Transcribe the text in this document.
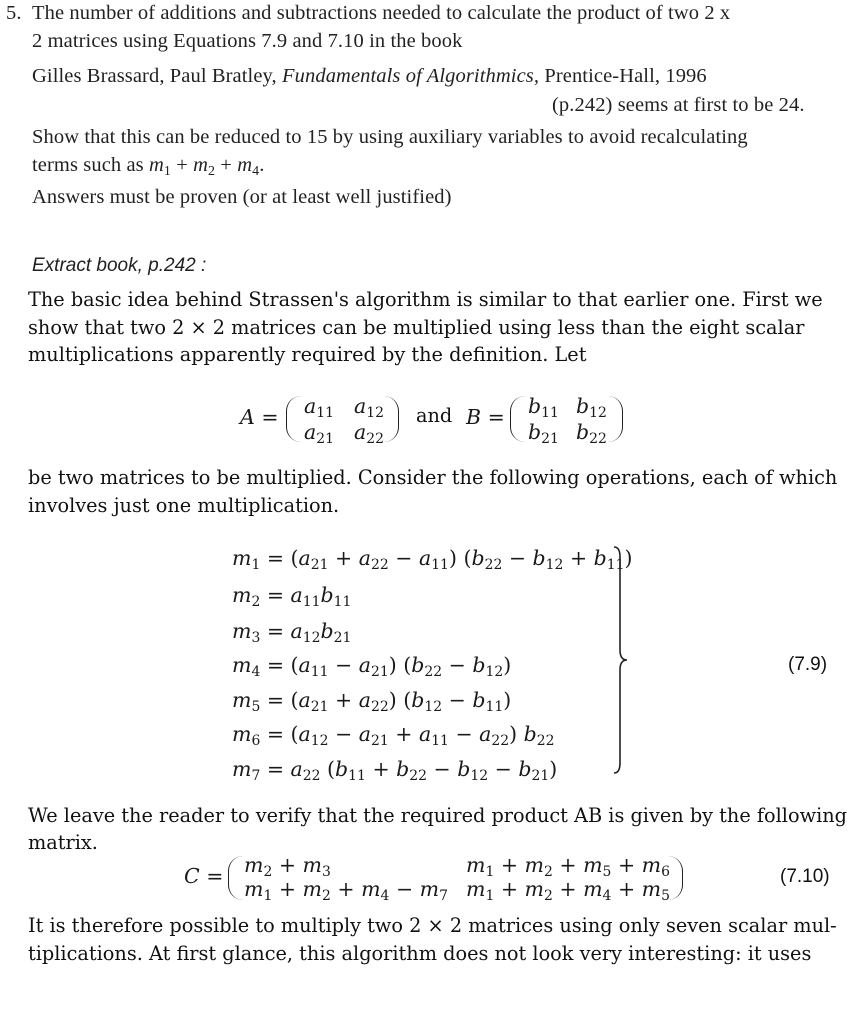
5. The number of additions and subtractions needed to calculate the product of two 2 x
2 matrices using Equations 7.9 and 7.10 in the book
Gilles Brassard, Paul Bratley, Fundamentals of Algorithmics, Prentice-Hall, 1996
(p.242) seems at first to be 24.
Show that this can be reduced to 15 by using auxiliary variables to avoid recalculating
terms such as $m_1 + m_2 + m_4$.
Answers must be proven (or at least well justified)
Extract book, p.242 :
The basic idea behind Strassen's algorithm is similar to that earlier one. First we
show that two 2 × 2 matrices can be multiplied using less than the eight scalar
multiplications apparently required by the definition. Let
$A = a_{11}$ $a_{12}$
$a_{21}$ $a_{22}$
and $B = b_{11}$ $b_{12}$
$b_{21}$ $b_{22}$
be two matrices to be multiplied. Consider the following operations, each of which
involves just one multiplication.
$m_1 = (a_{21} + a_{22} - a_{11}) (b_{22} - b_{12} + b_{11})$
$m_2 = a_{11}b_{11}$
$m_3 = a_{12}b_{21}$
$m_4 = (a_{11} - a_{21}) (b_{22} - b_{12})$
$m_5 = (a_{21} + a_{22}) (b_{12} - b_{11})$
$m_6 = (a_{12} - a_{21} + a_{11} - a_{22})$ $b_{22}$
$m_7 = a_{22}$ $(b_{11} + b_{22} - b_{12} - b_{21})$
(7.9)
We leave the reader to verify that the required product AB is given by the following
matrix.
$C = m_2 + m_3$	$m_1 + m_2 + m_5 + m_6$
$m_1 + m_2 + m_4 - m_7$ $m_1 + m_2 + m_4 + m_5$
(7.10)
It is therefore possible to multiply two 2 × 2 matrices using only seven scalar mul-
tiplications. At first glance, this algorithm does not look very interesting: it uses
